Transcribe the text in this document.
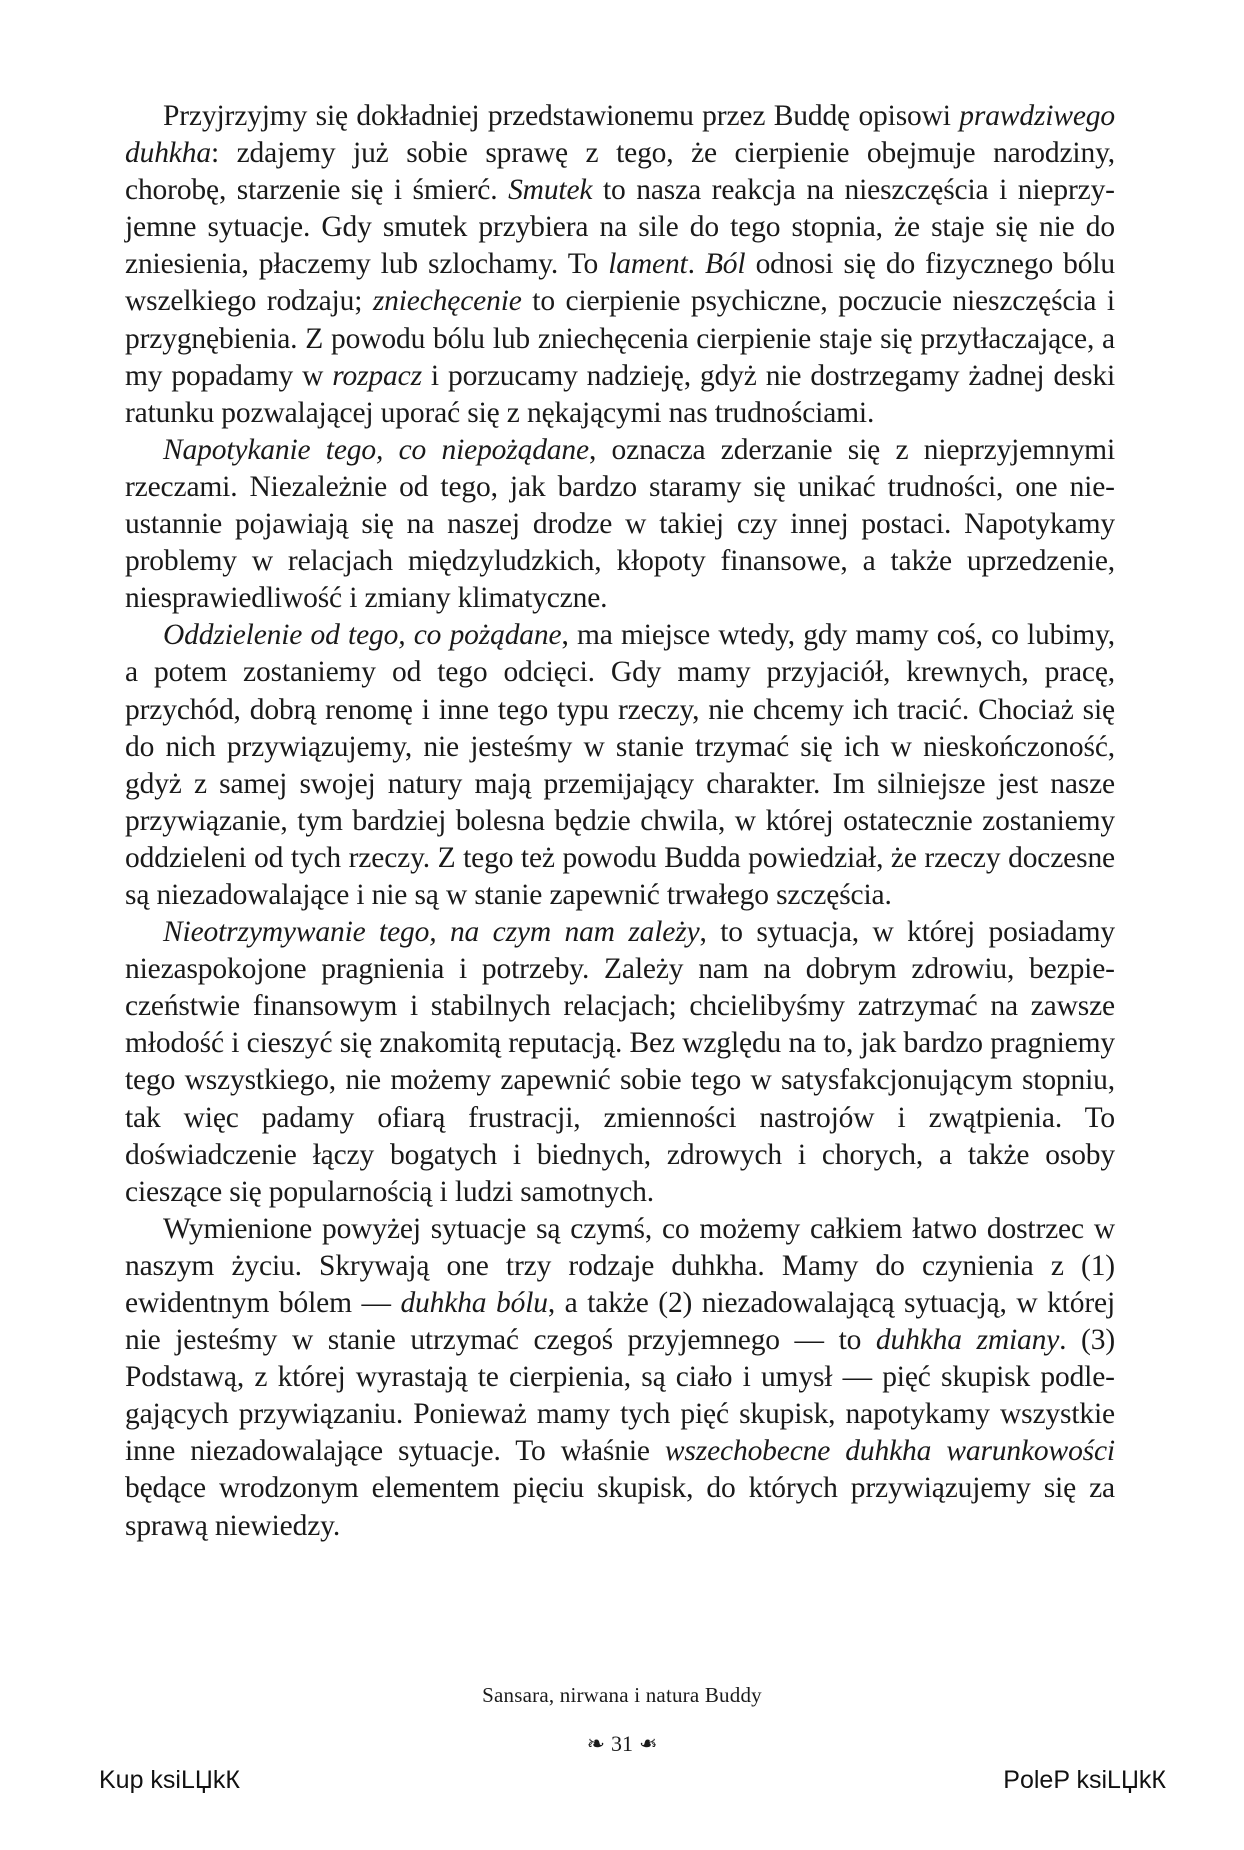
Przyjrzyjmy się dokładniej przedstawionemu przez Buddę opisowi prawdziwego duhkha: zdajemy już sobie sprawę z tego, że cierpienie obejmuje narodziny, chorobę, starzenie się i śmierć. Smutek to nasza reakcja na nieszczęścia i nieprzyjemne sytuacje. Gdy smutek przybiera na sile do tego stopnia, że staje się nie do zniesienia, płaczemy lub szlochamy. To lament. Ból odnosi się do fizycznego bólu wszelkiego rodzaju; zniechęcenie to cierpienie psychiczne, poczucie nieszczęścia i przygnębienia. Z powodu bólu lub zniechęcenia cierpienie staje się przytłaczające, a my popadamy w rozpacz i porzucamy nadzieję, gdyż nie dostrzegamy żadnej deski ratunku pozwalającej uporać się z nękającymi nas trudnościami.

Napotykanie tego, co niepożądane, oznacza zderzanie się z nieprzyjemnymi rzeczami. Niezależnie od tego, jak bardzo staramy się unikać trudności, one nieustannie pojawiają się na naszej drodze w takiej czy innej postaci. Napotykamy problemy w relacjach międzyludzkich, kłopoty finansowe, a także uprzedzenie, niesprawiedliwość i zmiany klimatyczne.

Oddzielenie od tego, co pożądane, ma miejsce wtedy, gdy mamy coś, co lubimy, a potem zostaniemy od tego odcięci. Gdy mamy przyjaciół, krewnych, pracę, przychód, dobrą renomę i inne tego typu rzeczy, nie chcemy ich tracić. Chociaż się do nich przywiązujemy, nie jesteśmy w stanie trzymać się ich w nieskończoność, gdyż z samej swojej natury mają przemijający charakter. Im silniejsze jest nasze przywiązanie, tym bardziej bolesna będzie chwila, w której ostatecznie zostaniemy oddzieleni od tych rzeczy. Z tego też powodu Budda powiedział, że rzeczy doczesne są niezadowalające i nie są w stanie zapewnić trwałego szczęścia.

Nieotrzymywanie tego, na czym nam zależy, to sytuacja, w której posiadamy niezaspokojone pragnienia i potrzeby. Zależy nam na dobrym zdrowiu, bezpieczeństwie finansowym i stabilnych relacjach; chcielibyśmy zatrzymać na zawsze młodość i cieszyć się znakomitą reputacją. Bez względu na to, jak bardzo pragniemy tego wszystkiego, nie możemy zapewnić sobie tego w satysfakcjonującym stopniu, tak więc padamy ofiarą frustracji, zmienności nastrojów i zwątpienia. To doświadczenie łączy bogatych i biednych, zdrowych i chorych, a także osoby cieszące się popularnością i ludzi samotnych.

Wymienione powyżej sytuacje są czymś, co możemy całkiem łatwo dostrzec w naszym życiu. Skrywają one trzy rodzaje duhkha. Mamy do czynienia z (1) ewidentnym bólem — duhkha bólu, a także (2) niezadowalającą sytuacją, w której nie jesteśmy w stanie utrzymać czegoś przyjemnego — to duhkha zmiany. (3) Podstawą, z której wyrastają te cierpienia, są ciało i umysł — pięć skupisk podlegających przywiązaniu. Ponieważ mamy tych pięć skupisk, napotykamy wszystkie inne niezadowalające sytuacje. To właśnie wszechobecne duhkha warunkowości będące wrodzonym elementem pięciu skupisk, do których przywiązujemy się za sprawą niewiedzy.

Sansara, nirwana i natura Buddy
❧ 31 ❧
Kup ksiLЏkК	PoleP ksiLЏkК
